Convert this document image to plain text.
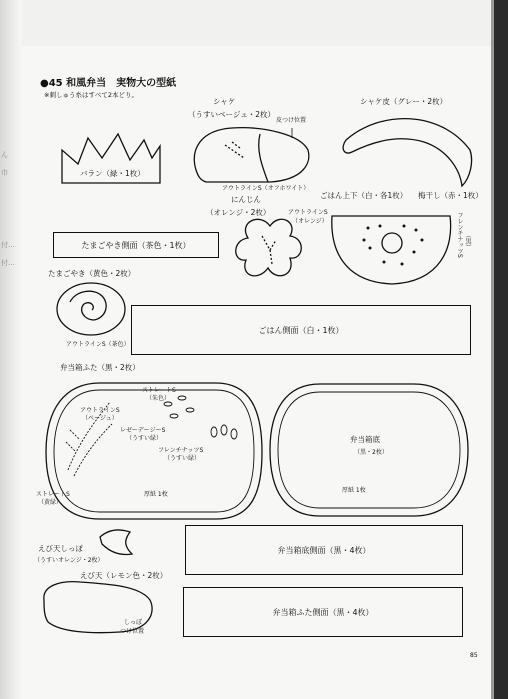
ん
巾
付…
付…
●45 和風弁当　実物大の型紙
※刺しゅう糸はすべて2本どり。
バラン（緑・1枚）
シャケ
（うすいベージュ・2枚）
皮つけ位置
アウトラインS（オフホワイト）
シャケ皮（グレー・2枚）
ごはん上下（白・各1枚） 梅干し（赤・1枚）
フレンチナッツS （黒）
にんじん
（オレンジ・2枚）	アウトラインS
（オレンジ）
たまごやき側面（茶色・1枚）
たまごやき（黄色・2枚）
アウトラインS（茶色）
ごはん側面（白・1枚）
弁当箱ふた（黒・2枚）
ストレートS
（朱色）
アウトラインS
（ベージュ）
レゼーデージーS
（うすい緑）
フレンチナッツS
（うすい緑）
ストレートS
（黄緑）
厚紙 1枚
弁当箱底
（黒・2枚）
厚紙 1枚
えび天しっぽ
（うすいオレンジ・2枚）
えび天（レモン色・2枚）
しっぽ
つけ位置
弁当箱底側面（黒・4枚）
弁当箱ふた側面（黒・4枚）
85
